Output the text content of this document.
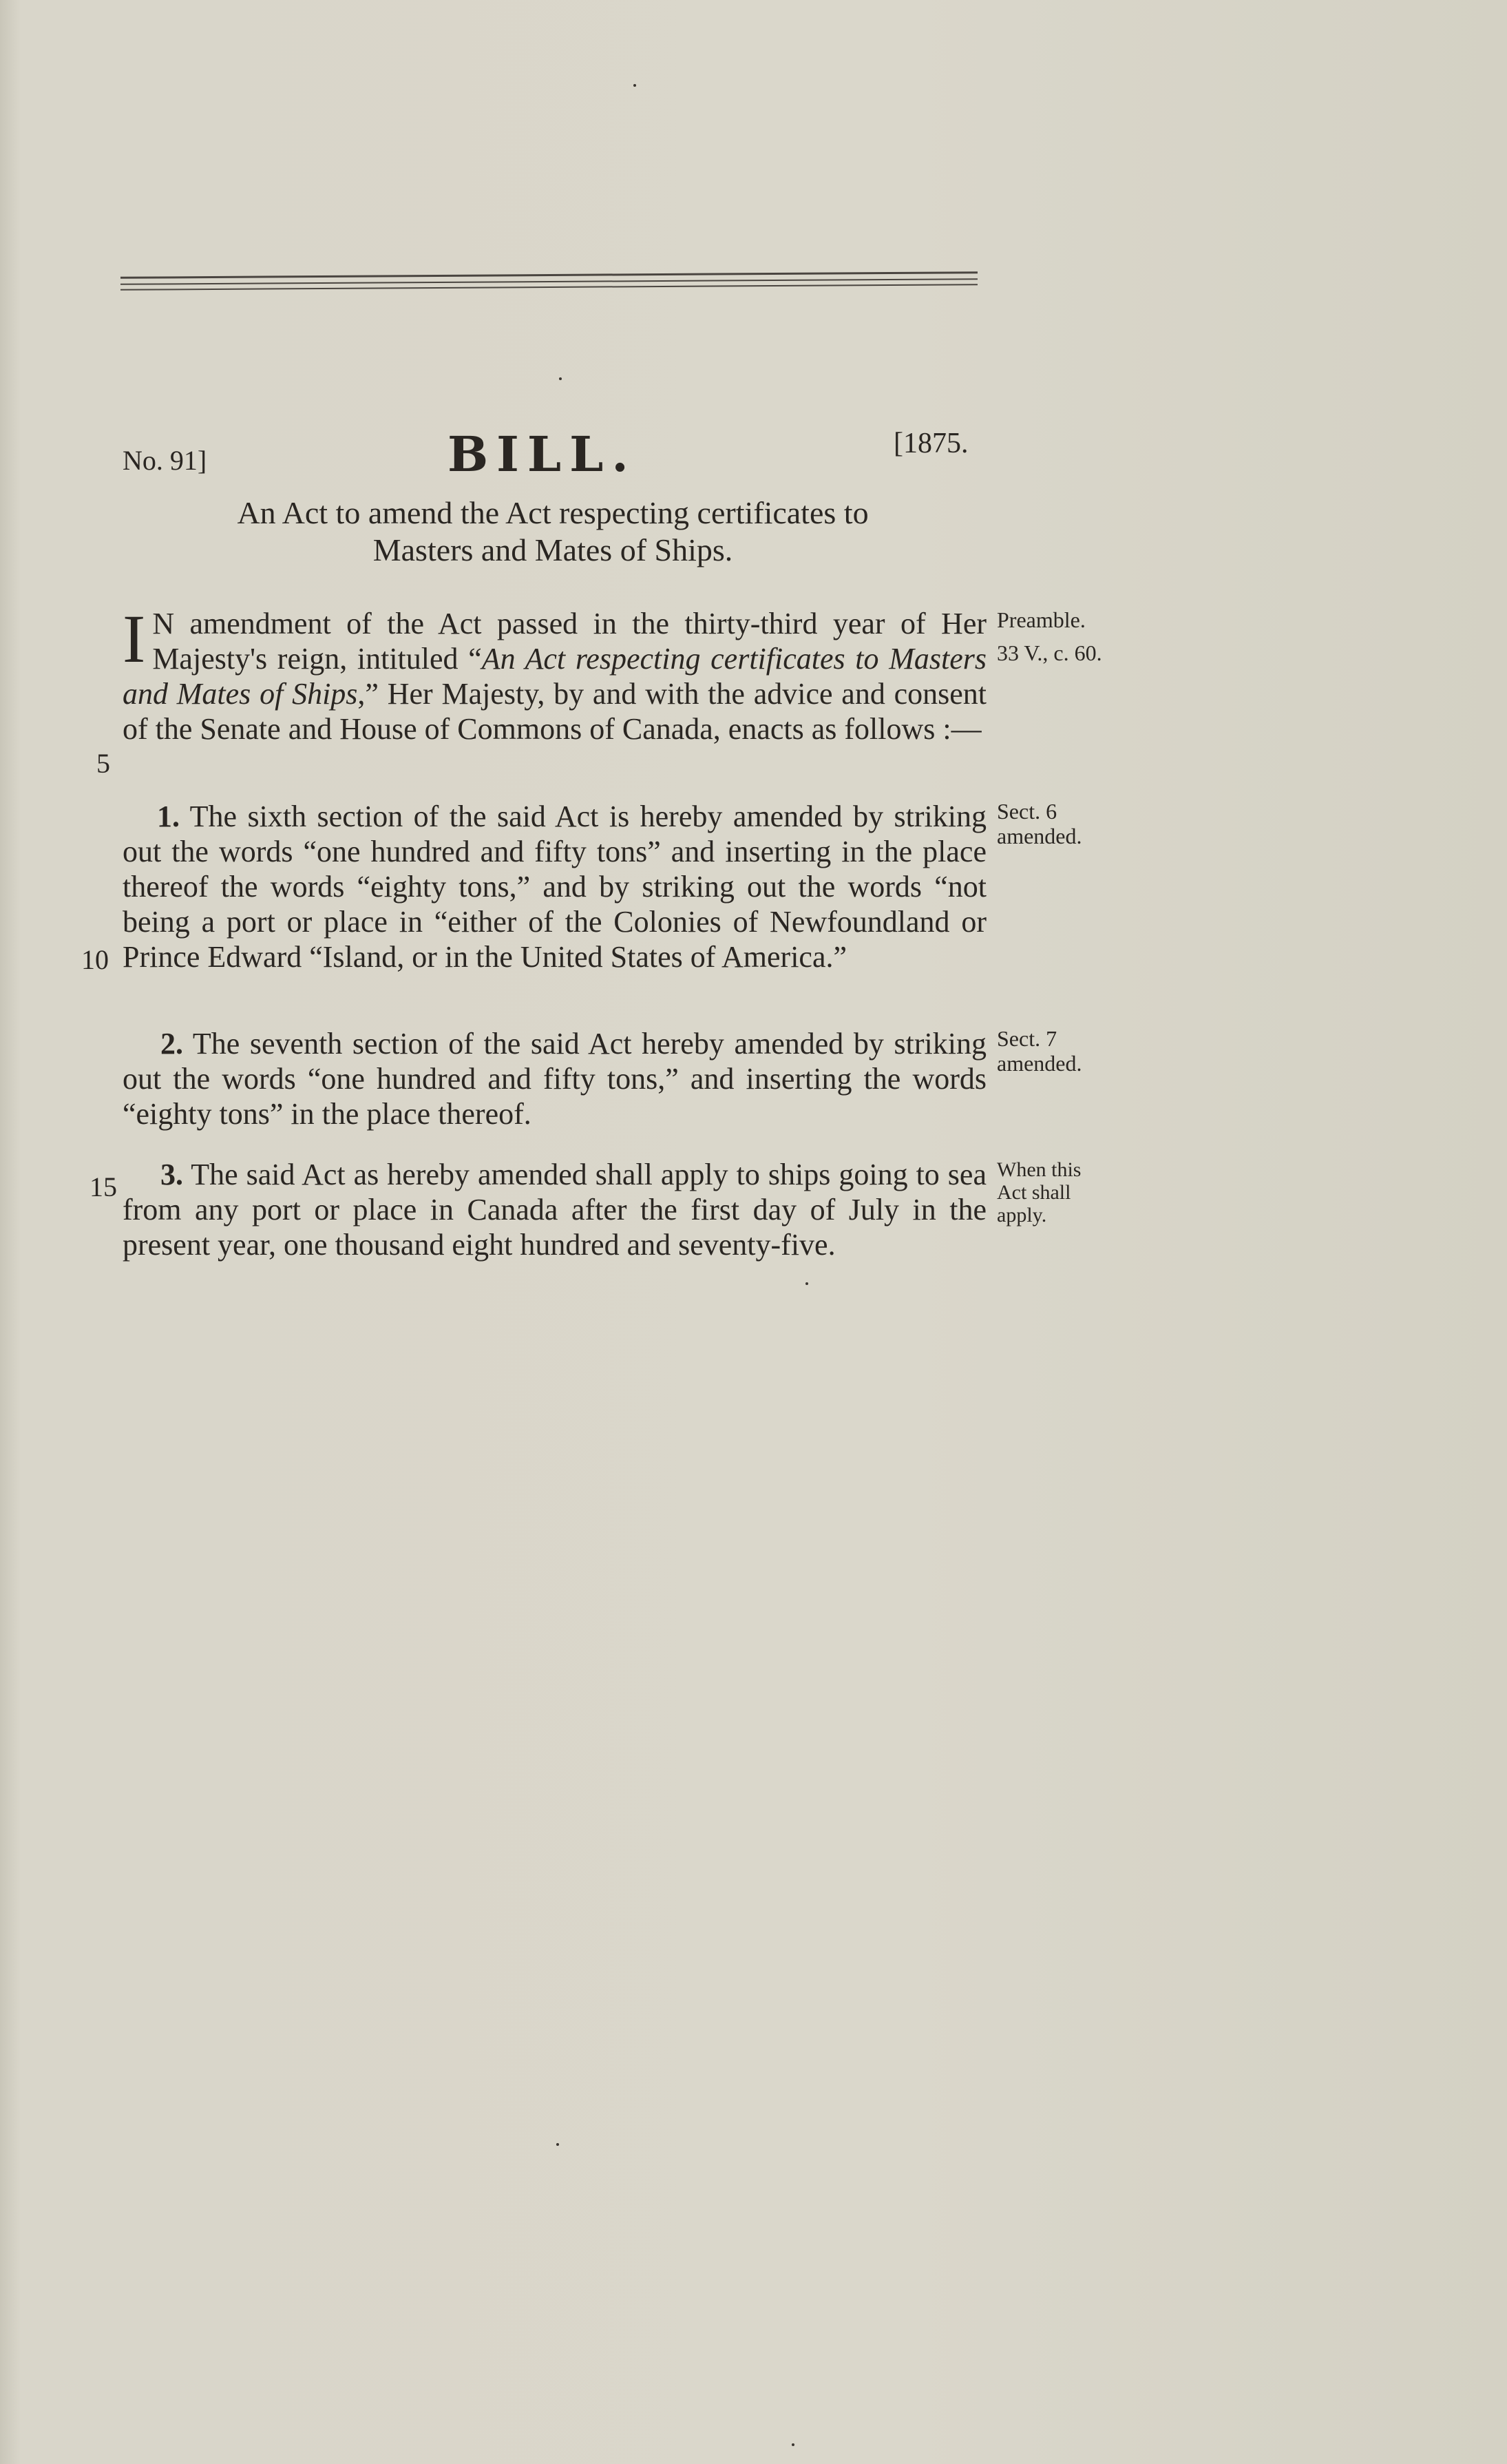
No. 91]	BILL.	[1875.
An Act to amend the Act respecting certificates to
Masters and Mates of Ships.

I N amendment of the Act passed in the thirty-third year of Her Majesty's reign, intituled “An Act respecting certificates to Masters and Mates of Ships,” Her Majesty, by and with the advice and consent of the Senate and House of Commons of Canada, enacts as follows :—

1. The sixth section of the said Act is hereby amended by striking out the words “one hundred and fifty tons” and inserting in the place thereof the words “eighty tons,” and by striking out the words “not being a port or place in “either of the Colonies of Newfoundland or Prince Edward “Island, or in the United States of America.”

2. The seventh section of the said Act hereby amended by striking out the words “one hundred and fifty tons,” and inserting the words “eighty tons” in the place thereof.

3. The said Act as hereby amended shall apply to ships going to sea from any port or place in Canada after the first day of July in the present year, one thousand eight hundred and seventy-five.

5
10
15
Preamble.
33 V., c. 60.
Sect. 6
amended.
Sect. 7
amended.
When this
Act shall
apply.
